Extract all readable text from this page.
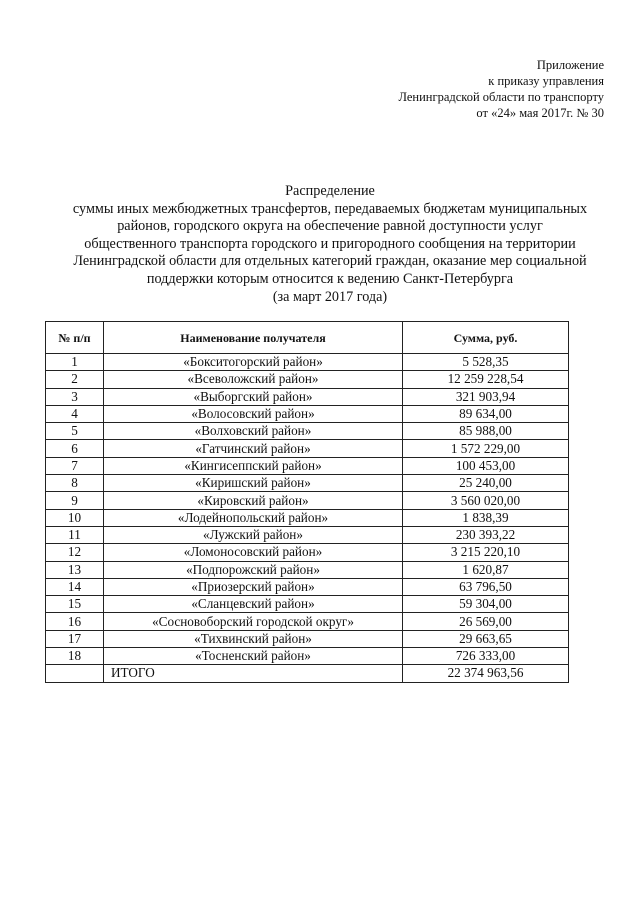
Приложение
к приказу управления
Ленинградской области по транспорту
от «24» мая 2017г. № 30
Распределение
суммы иных межбюджетных трансфертов, передаваемых бюджетам муниципальных
районов, городского округа на обеспечение равной доступности услуг
общественного транспорта городского и пригородного сообщения на территории
Ленинградской области для отдельных категорий граждан, оказание мер социальной
поддержки которым относится к ведению Санкт-Петербурга
(за март 2017 года)
№ п/п	Наименование получателя	Сумма, руб.
1	«Бокситогорский район»	5 528,35
2	«Всеволожский район»	12 259 228,54
3	«Выборгский район»	321 903,94
4	«Волосовский район»	89 634,00
5	«Волховский район»	85 988,00
6	«Гатчинский район»	1 572 229,00
7	«Кингисеппский район»	100 453,00
8	«Киришский район»	25 240,00
9	«Кировский район»	3 560 020,00
10	«Лодейнопольский район»	1 838,39
11	«Лужский район»	230 393,22
12	«Ломоносовский район»	3 215 220,10
13	«Подпорожский район»	1 620,87
14	«Приозерский район»	63 796,50
15	«Сланцевский район»	59 304,00
16	«Сосновоборский городской округ»	26 569,00
17	«Тихвинский район»	29 663,65
18	«Тосненский район»	726 333,00
	ИТОГО	22 374 963,56
